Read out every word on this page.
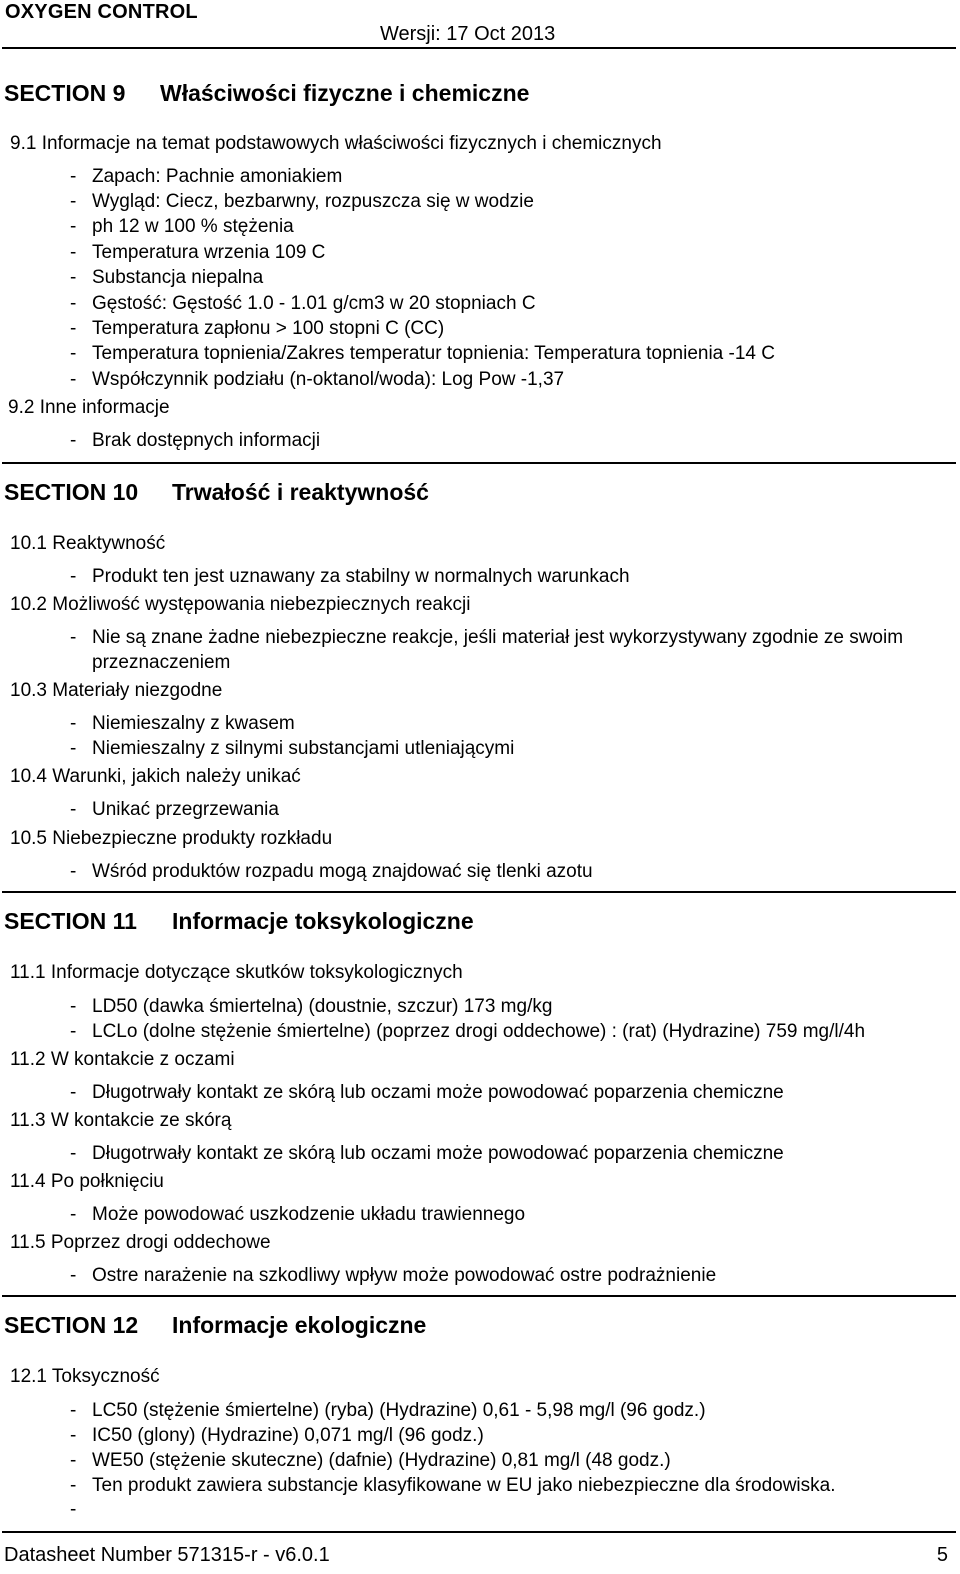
OXYGEN CONTROL
Wersji: 17 Oct 2013
SECTION 9 Właściwości fizyczne i chemiczne
9.1 Informacje na temat podstawowych właściwości fizycznych i chemicznych
- Zapach: Pachnie amoniakiem
- Wygląd: Ciecz, bezbarwny, rozpuszcza się w wodzie
- ph 12 w 100 % stężenia
- Temperatura wrzenia 109 C
- Substancja niepalna
- Gęstość: Gęstość 1.0 - 1.01 g/cm3 w 20 stopniach C
- Temperatura zapłonu > 100 stopni C (CC)
- Temperatura topnienia/Zakres temperatur topnienia: Temperatura topnienia -14 C
- Współczynnik podziału (n-oktanol/woda): Log Pow -1,37
9.2 Inne informacje
- Brak dostępnych informacji
SECTION 10 Trwałość i reaktywność
10.1 Reaktywność
- Produkt ten jest uznawany za stabilny w normalnych warunkach
10.2 Możliwość występowania niebezpiecznych reakcji
- Nie są znane żadne niebezpieczne reakcje, jeśli materiał jest wykorzystywany zgodnie ze swoim przeznaczeniem
10.3 Materiały niezgodne
- Niemieszalny z kwasem
- Niemieszalny z silnymi substancjami utleniającymi
10.4 Warunki, jakich należy unikać
- Unikać przegrzewania
10.5 Niebezpieczne produkty rozkładu
- Wśród produktów rozpadu mogą znajdować się tlenki azotu
SECTION 11 Informacje toksykologiczne
11.1 Informacje dotyczące skutków toksykologicznych
- LD50 (dawka śmiertelna) (doustnie, szczur) 173 mg/kg
- LCLo (dolne stężenie śmiertelne) (poprzez drogi oddechowe) : (rat) (Hydrazine) 759 mg/l/4h
11.2 W kontakcie z oczami
- Długotrwały kontakt ze skórą lub oczami może powodować poparzenia chemiczne
11.3 W kontakcie ze skórą
- Długotrwały kontakt ze skórą lub oczami może powodować poparzenia chemiczne
11.4 Po połknięciu
- Może powodować uszkodzenie układu trawiennego
11.5 Poprzez drogi oddechowe
- Ostre narażenie na szkodliwy wpływ może powodować ostre podrażnienie
SECTION 12 Informacje ekologiczne
12.1 Toksyczność
- LC50 (stężenie śmiertelne) (ryba) (Hydrazine) 0,61 - 5,98 mg/l (96 godz.)
- IC50 (glony) (Hydrazine) 0,071 mg/l (96 godz.)
- WE50 (stężenie skuteczne) (dafnie) (Hydrazine) 0,81 mg/l (48 godz.)
- Ten produkt zawiera substancje klasyfikowane w EU jako niebezpieczne dla środowiska.
-
Datasheet Number 571315-r - v6.0.1	5
